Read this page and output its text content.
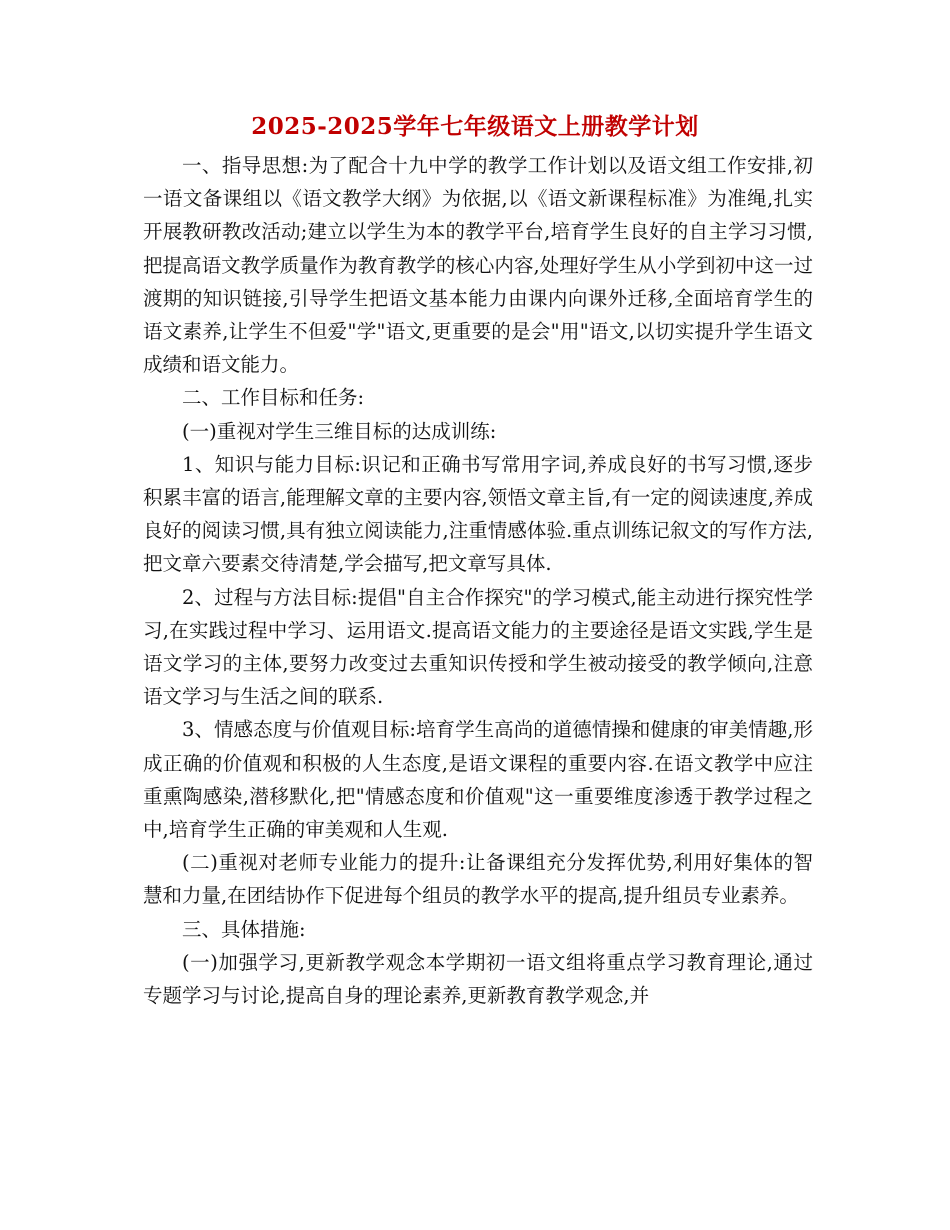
2025-2025学年七年级语文上册教学计划

一、指导思想:为了配合十九中学的教学工作计划以及语文组工作安排,初一语文备课组以《语文教学大纲》为依据,以《语文新课程标准》为准绳,扎实开展教研教改活动;建立以学生为本的教学平台,培育学生良好的自主学习习惯,把提高语文教学质量作为教育教学的核心内容,处理好学生从小学到初中这一过渡期的知识链接,引导学生把语文基本能力由课内向课外迁移,全面培育学生的语文素养,让学生不但爱"学"语文,更重要的是会"用"语文,以切实提升学生语文成绩和语文能力。

二、工作目标和任务:

(一)重视对学生三维目标的达成训练:

1、知识与能力目标:识记和正确书写常用字词,养成良好的书写习惯,逐步积累丰富的语言,能理解文章的主要内容,领悟文章主旨,有一定的阅读速度,养成良好的阅读习惯,具有独立阅读能力,注重情感体验.重点训练记叙文的写作方法,把文章六要素交待清楚,学会描写,把文章写具体.

2、过程与方法目标:提倡"自主合作探究"的学习模式,能主动进行探究性学习,在实践过程中学习、运用语文.提高语文能力的主要途径是语文实践,学生是语文学习的主体,要努力改变过去重知识传授和学生被动接受的教学倾向,注意语文学习与生活之间的联系.

3、情感态度与价值观目标:培育学生高尚的道德情操和健康的审美情趣,形成正确的价值观和积极的人生态度,是语文课程的重要内容.在语文教学中应注重熏陶感染,潜移默化,把"情感态度和价值观"这一重要维度渗透于教学过程之中,培育学生正确的审美观和人生观.

(二)重视对老师专业能力的提升:让备课组充分发挥优势,利用好集体的智慧和力量,在团结协作下促进每个组员的教学水平的提高,提升组员专业素养。

三、具体措施:

(一)加强学习,更新教学观念本学期初一语文组将重点学习教育理论,通过专题学习与讨论,提高自身的理论素养,更新教育教学观念,并
